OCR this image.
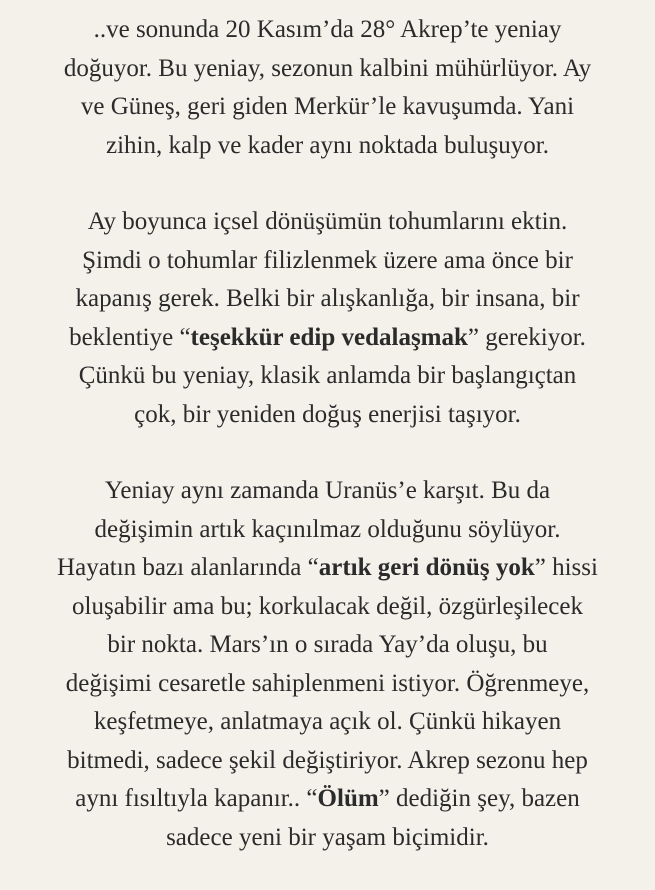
..ve sonunda 20 Kasım’da 28° Akrep’te yeniay
doğuyor. Bu yeniay, sezonun kalbini mühürlüyor. Ay
ve Güneş, geri giden Merkür’le kavuşumda. Yani
zihin, kalp ve kader aynı noktada buluşuyor.

Ay boyunca içsel dönüşümün tohumlarını ektin.
Şimdi o tohumlar filizlenmek üzere ama önce bir
kapanış gerek. Belki bir alışkanlığa, bir insana, bir
beklentiye “teşekkür edip vedalaşmak” gerekiyor.
Çünkü bu yeniay, klasik anlamda bir başlangıçtan
çok, bir yeniden doğuş enerjisi taşıyor.

Yeniay aynı zamanda Uranüs’e karşıt. Bu da
değişimin artık kaçınılmaz olduğunu söylüyor.
Hayatın bazı alanlarında “artık geri dönüş yok” hissi
oluşabilir ama bu; korkulacak değil, özgürleşilecek
bir nokta. Mars’ın o sırada Yay’da oluşu, bu
değişimi cesaretle sahiplenmeni istiyor. Öğrenmeye,
keşfetmeye, anlatmaya açık ol. Çünkü hikayen
bitmedi, sadece şekil değiştiriyor. Akrep sezonu hep
aynı fısıltıyla kapanır.. “Ölüm” dediğin şey, bazen
sadece yeni bir yaşam biçimidir.
